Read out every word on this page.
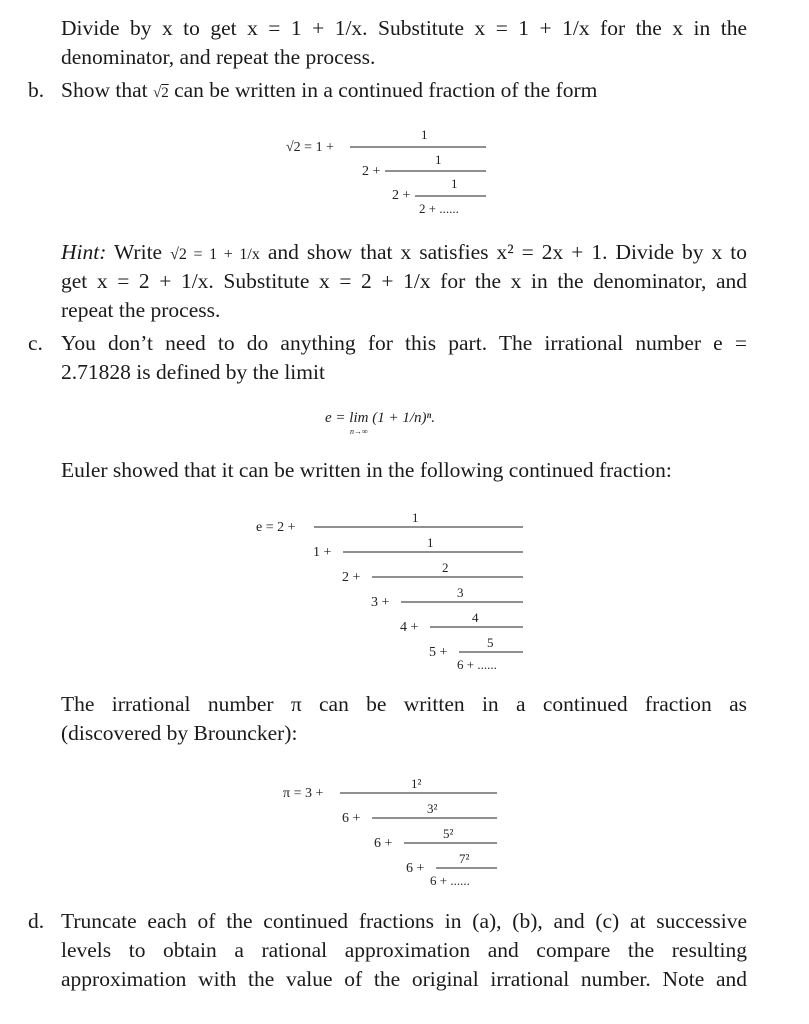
Divide by x to get x = 1 + 1/x. Substitute x = 1 + 1/x for the x in the

denominator, and repeat the process.

b. Show that √2 can be written in a continued fraction of the form

√2 = 1 +
1
2 +
1
2 +
1
2 + ......

Hint: Write √2 = 1 + 1/x and show that x satisfies x² = 2x + 1. Divide by x to

get x = 2 + 1/x. Substitute x = 2 + 1/x for the x in the denominator, and

repeat the process.

c. You don’t need to do anything for this part. The irrational number e =

2.71828 is defined by the limit

e = lim (1 + 1/n)ⁿ.
n→∞

Euler showed that it can be written in the following continued fraction:

e = 2 +
1
1 +
1
2 +
2
3 +
3
4 +
4
5 +
5
6 + ......

The irrational number π can be written in a continued fraction as

(discovered by Brouncker):

π = 3 +
1²
6 +
3²
6 +
5²
6 +
7²
6 + ......
d. Truncate each of the continued fractions in (a), (b), and (c) at successive

levels to obtain a rational approximation and compare the resulting

approximation with the value of the original irrational number. Note and
